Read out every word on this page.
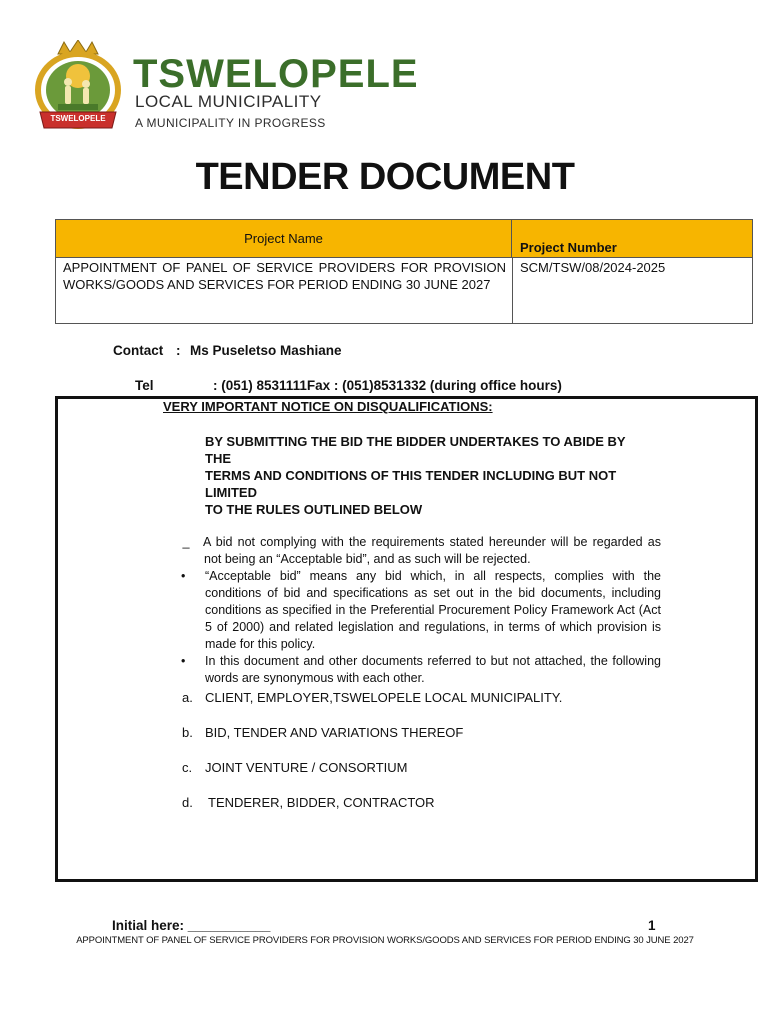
TSWELOPELE
TSWELOPELE
LOCAL MUNICIPALITY
A MUNICIPALITY IN PROGRESS
TENDER DOCUMENT
Project Name
Project Number
APPOINTMENT OF PANEL OF SERVICE PROVIDERS FOR PROVISION WORKS/GOODS AND SERVICES FOR PERIOD ENDING 30 JUNE 2027
SCM/TSW/08/2024-2025
Contact : Ms Puseletso Mashiane
Tel	: (051) 8531111Fax : (051)8531332 (during office hours)
VERY IMPORTANT NOTICE ON DISQUALIFICATIONS:
BY SUBMITTING THE BID THE BIDDER UNDERTAKES TO ABIDE BY
THE
TERMS AND CONDITIONS OF THIS TENDER INCLUDING BUT NOT
LIMITED
TO THE RULES OUTLINED BELOW
A bid not complying with the requirements stated hereunder will be regarded as not being an “Acceptable bid”, and as such will be rejected.
• “Acceptable bid” means any bid which, in all respects, complies with the conditions of bid and specifications as set out in the bid documents, including conditions as specified in the Preferential Procurement Policy Framework Act (Act 5 of 2000) and related legislation and regulations, in terms of which provision is made for this policy.
• In this document and other documents referred to but not attached, the following words are synonymous with each other.
a. CLIENT, EMPLOYER,TSWELOPELE LOCAL MUNICIPALITY.
b. BID, TENDER AND VARIATIONS THEREOF
c. JOINT VENTURE / CONSORTIUM
d. TENDERER, BIDDER, CONTRACTOR
Initial here: ___________	1
APPOINTMENT OF PANEL OF SERVICE PROVIDERS FOR PROVISION WORKS/GOODS AND SERVICES FOR PERIOD ENDING 30 JUNE 2027
